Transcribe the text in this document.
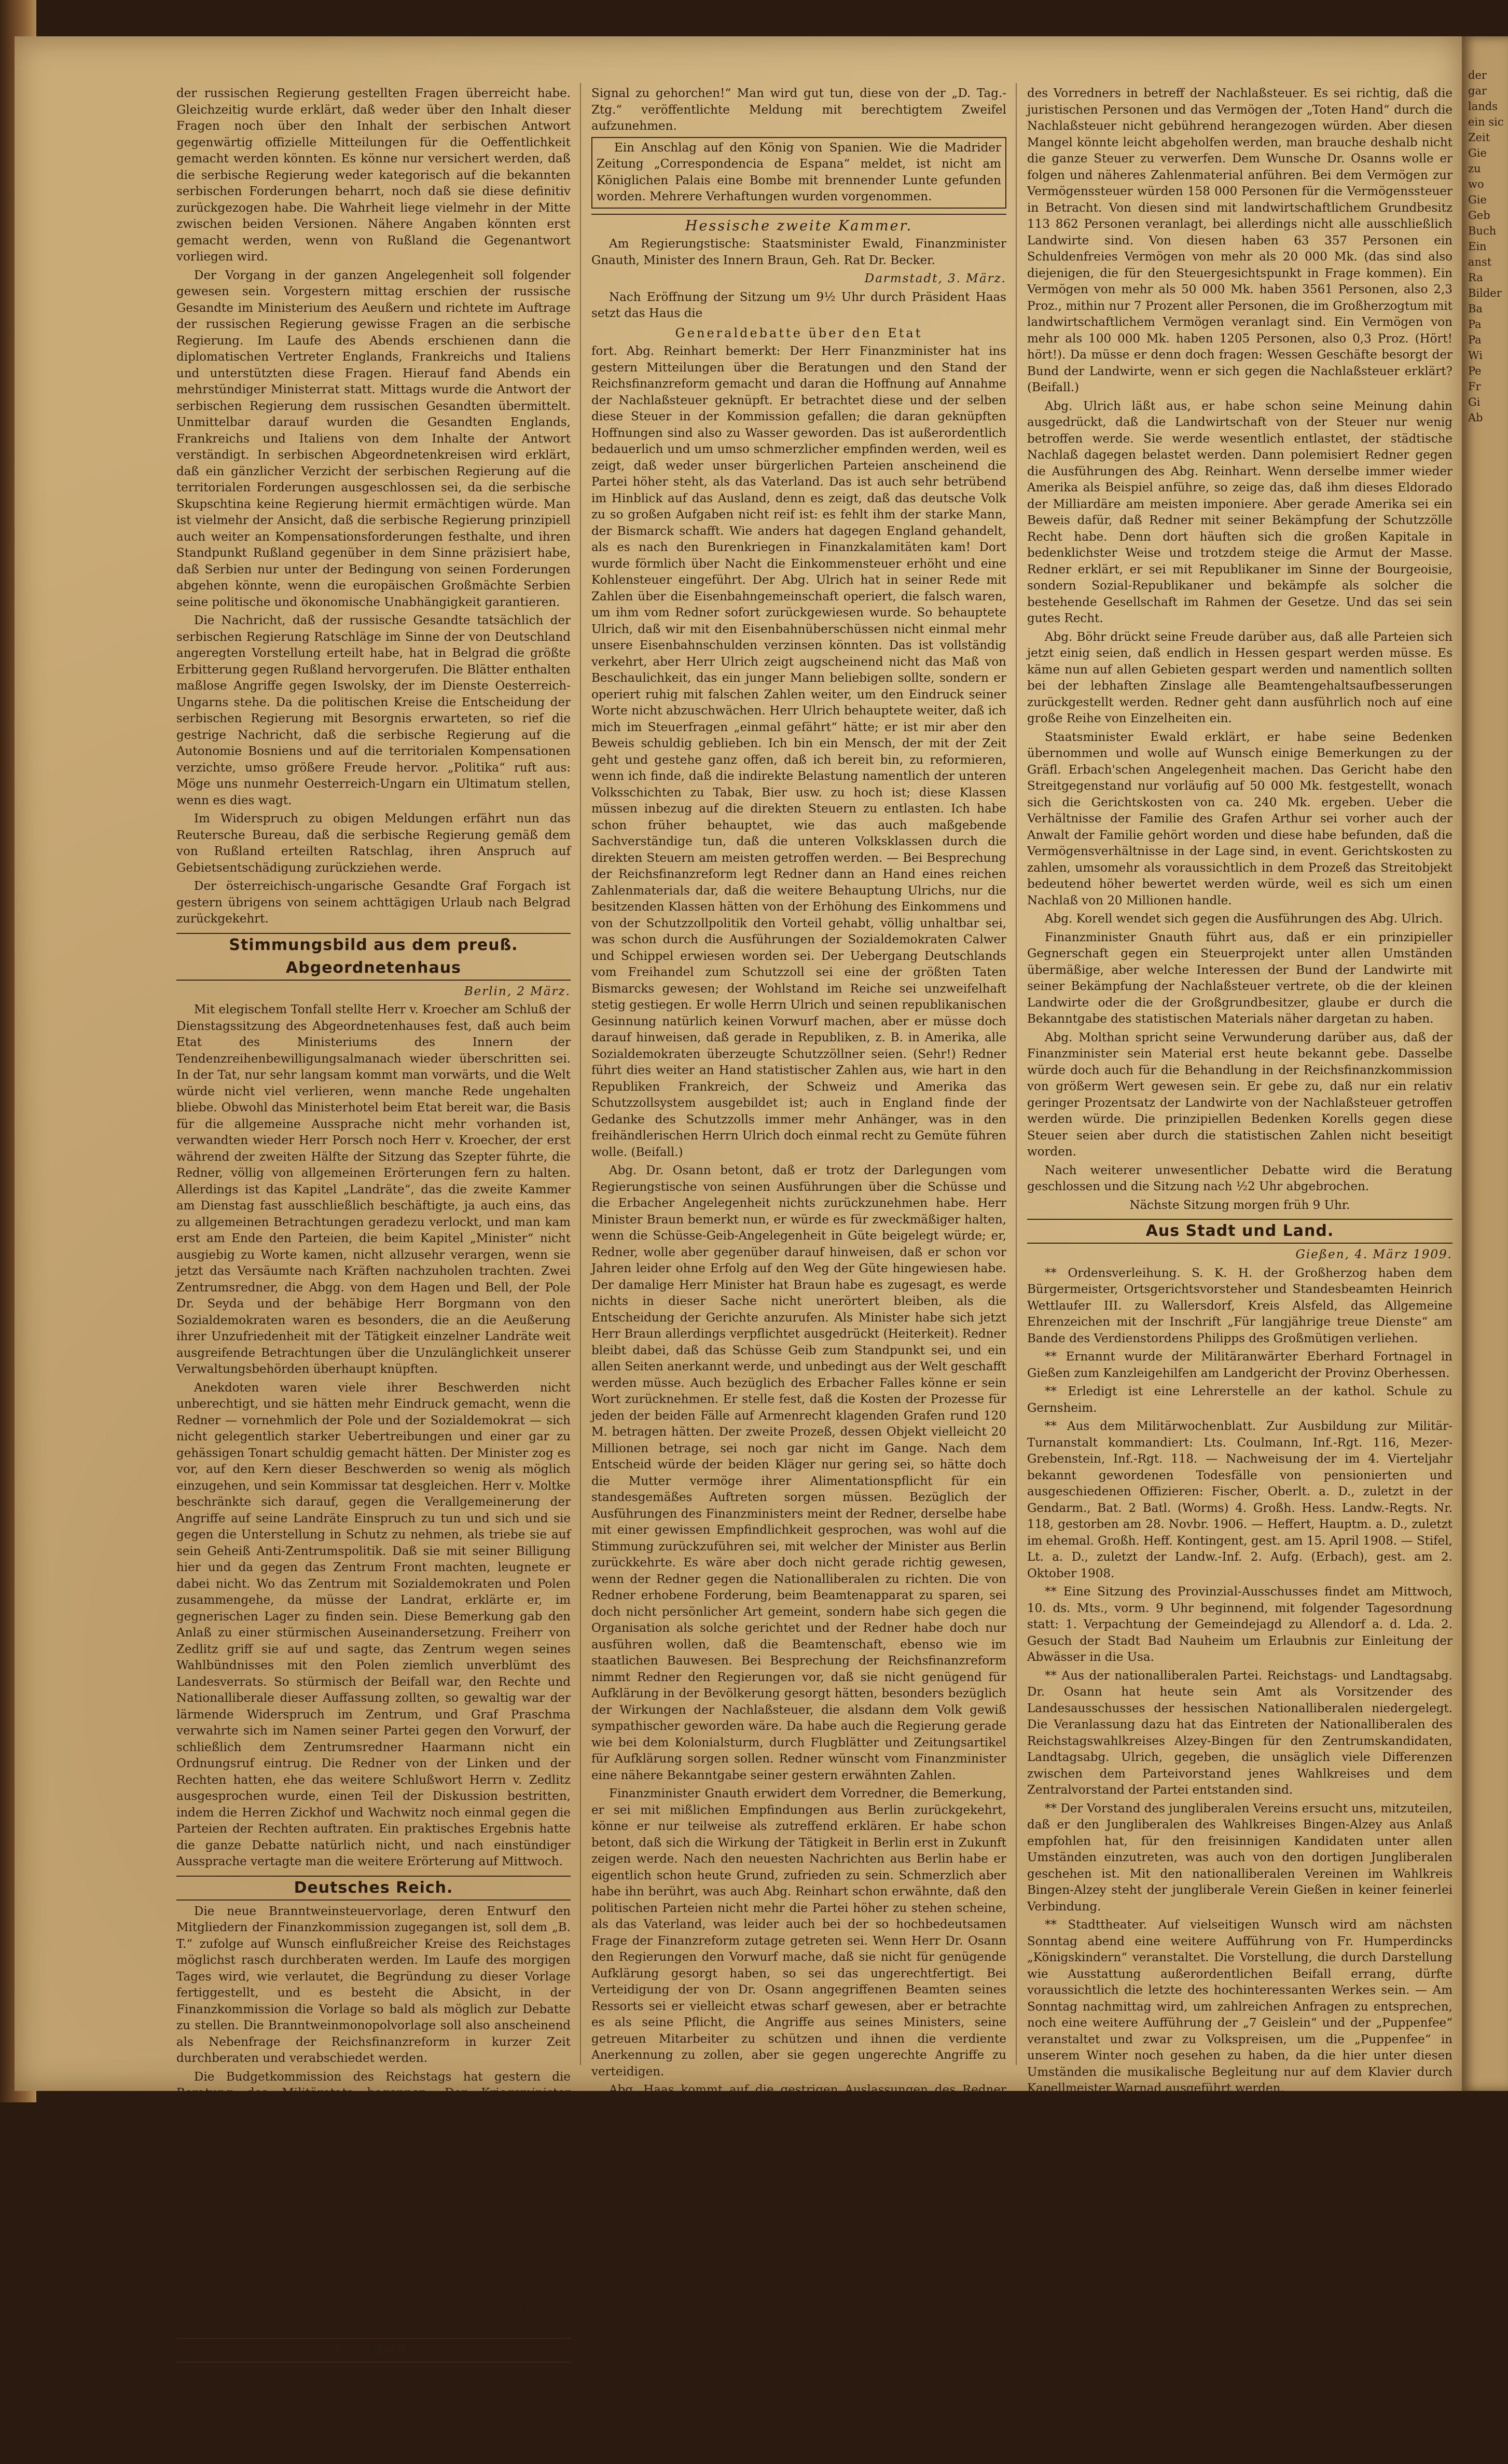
der russischen Regierung gestellten Fragen überreicht habe. Gleichzeitig wurde erklärt, daß weder über den Inhalt dieser Fragen noch über den Inhalt der serbischen Antwort gegenwärtig offizielle Mitteilungen für die Oeffentlichkeit gemacht werden könnten. Es könne nur versichert werden, daß die serbische Regierung weder kategorisch auf die bekannten serbischen Forderungen beharrt, noch daß sie diese definitiv zurückgezogen habe. Die Wahrheit liege vielmehr in der Mitte zwischen beiden Versionen. Nähere Angaben könnten erst gemacht werden, wenn von Rußland die Gegenantwort vorliegen wird.

Der Vorgang in der ganzen Angelegenheit soll folgender gewesen sein. Vorgestern mittag erschien der russische Gesandte im Ministerium des Aeußern und richtete im Auftrage der russischen Regierung gewisse Fragen an die serbische Regierung. Im Laufe des Abends erschienen dann die diplomatischen Vertreter Englands, Frankreichs und Italiens und unterstützten diese Fragen. Hierauf fand Abends ein mehrstündiger Ministerrat statt. Mittags wurde die Antwort der serbischen Regierung dem russischen Gesandten übermittelt. Unmittelbar darauf wurden die Gesandten Englands, Frankreichs und Italiens von dem Inhalte der Antwort verständigt. In serbischen Abgeordnetenkreisen wird erklärt, daß ein gänzlicher Verzicht der serbischen Regierung auf die territorialen Forderungen ausgeschlossen sei, da die serbische Skupschtina keine Regierung hiermit ermächtigen würde. Man ist vielmehr der Ansicht, daß die serbische Regierung prinzipiell auch weiter an Kompensationsforderungen festhalte, und ihren Standpunkt Rußland gegenüber in dem Sinne präzisiert habe, daß Serbien nur unter der Bedingung von seinen Forderungen abgehen könnte, wenn die europäischen Großmächte Serbien seine politische und ökonomische Unabhängigkeit garantieren.

Die Nachricht, daß der russische Gesandte tatsächlich der serbischen Regierung Ratschläge im Sinne der von Deutschland angeregten Vorstellung erteilt habe, hat in Belgrad die größte Erbitterung gegen Rußland hervorgerufen. Die Blätter enthalten maßlose Angriffe gegen Iswolsky, der im Dienste Oesterreich-Ungarns stehe. Da die politischen Kreise die Entscheidung der serbischen Regierung mit Besorgnis erwarteten, so rief die gestrige Nachricht, daß die serbische Regierung auf die Autonomie Bosniens und auf die territorialen Kompensationen verzichte, umso größere Freude hervor. „Politika“ ruft aus: Möge uns nunmehr Oesterreich-Ungarn ein Ultimatum stellen, wenn es dies wagt.

Im Widerspruch zu obigen Meldungen erfährt nun das Reutersche Bureau, daß die serbische Regierung gemäß dem von Rußland erteilten Ratschlag, ihren Anspruch auf Gebietsentschädigung zurückziehen werde.

Der österreichisch-ungarische Gesandte Graf Forgach ist gestern übrigens von seinem achttägigen Urlaub nach Belgrad zurückgekehrt.

Stimmungsbild aus dem preuß. Abgeordnetenhaus
Berlin, 2 März.

Mit elegischem Tonfall stellte Herr v. Kroecher am Schluß der Dienstagssitzung des Abgeordnetenhauses fest, daß auch beim Etat des Ministeriums des Innern der Tendenzreihenbewilligungsalmanach wieder überschritten sei. In der Tat, nur sehr langsam kommt man vorwärts, und die Welt würde nicht viel verlieren, wenn manche Rede ungehalten bliebe. Obwohl das Ministerhotel beim Etat bereit war, die Basis für die allgemeine Aussprache nicht mehr vorhanden ist, verwandten wieder Herr Porsch noch Herr v. Kroecher, der erst während der zweiten Hälfte der Sitzung das Szepter führte, die Redner, völlig von allgemeinen Erörterungen fern zu halten. Allerdings ist das Kapitel „Landräte“, das die zweite Kammer am Dienstag fast ausschließlich beschäftigte, ja auch eins, das zu allgemeinen Betrachtungen geradezu verlockt, und man kam erst am Ende den Parteien, die beim Kapitel „Minister“ nicht ausgiebig zu Worte kamen, nicht allzusehr verargen, wenn sie jetzt das Versäumte nach Kräften nachzuholen trachten. Zwei Zentrumsredner, die Abgg. von dem Hagen und Bell, der Pole Dr. Seyda und der behäbige Herr Borgmann von den Sozialdemokraten waren es besonders, die an die Aeußerung ihrer Unzufriedenheit mit der Tätigkeit einzelner Landräte weit ausgreifende Betrachtungen über die Unzulänglichkeit unserer Verwaltungsbehörden überhaupt knüpften.

Anekdoten waren viele ihrer Beschwerden nicht unberechtigt, und sie hätten mehr Eindruck gemacht, wenn die Redner — vornehmlich der Pole und der Sozialdemokrat — sich nicht gelegentlich starker Uebertreibungen und einer gar zu gehässigen Tonart schuldig gemacht hätten. Der Minister zog es vor, auf den Kern dieser Beschwerden so wenig als möglich einzugehen, und sein Kommissar tat desgleichen. Herr v. Moltke beschränkte sich darauf, gegen die Verallgemeinerung der Angriffe auf seine Landräte Einspruch zu tun und sich und sie gegen die Unterstellung in Schutz zu nehmen, als triebe sie auf sein Geheiß Anti-Zentrumspolitik. Daß sie mit seiner Billigung hier und da gegen das Zentrum Front machten, leugnete er dabei nicht. Wo das Zentrum mit Sozialdemokraten und Polen zusammengehe, da müsse der Landrat, erklärte er, im gegnerischen Lager zu finden sein. Diese Bemerkung gab den Anlaß zu einer stürmischen Auseinandersetzung. Freiherr von Zedlitz griff sie auf und sagte, das Zentrum wegen seines Wahlbündnisses mit den Polen ziemlich unverblümt des Landesverrats. So stürmisch der Beifall war, den Rechte und Nationalliberale dieser Auffassung zollten, so gewaltig war der lärmende Widerspruch im Zentrum, und Graf Praschma verwahrte sich im Namen seiner Partei gegen den Vorwurf, der schließlich dem Zentrumsredner Haarmann nicht ein Ordnungsruf eintrug. Die Redner von der Linken und der Rechten hatten, ehe das weitere Schlußwort Herrn v. Zedlitz ausgesprochen wurde, einen Teil der Diskussion bestritten, indem die Herren Zickhof und Wachwitz noch einmal gegen die Parteien der Rechten auftraten. Ein praktisches Ergebnis hatte die ganze Debatte natürlich nicht, und nach einstündiger Aussprache vertagte man die weitere Erörterung auf Mittwoch.

Deutsches Reich.

Die neue Branntweinsteuervorlage, deren Entwurf den Mitgliedern der Finanzkommission zugegangen ist, soll dem „B. T.“ zufolge auf Wunsch einflußreicher Kreise des Reichstages möglichst rasch durchberaten werden. Im Laufe des morgigen Tages wird, wie verlautet, die Begründung zu dieser Vorlage fertiggestellt, und es besteht die Absicht, in der Finanzkommission die Vorlage so bald als möglich zur Debatte zu stellen. Die Branntweinmonopolvorlage soll also anscheinend als Nebenfrage der Reichsfinanzreform in kurzer Zeit durchberaten und verabschiedet werden.

Die Budgetkommission des Reichstags hat gestern die Beratung des Militäretats begonnen. Der Kriegsminister erklärte sich bereit, im nächsten Jahre einen Gesetzentwurf zur Ordnung der Rations- und Stallservisfrage sowie des Verpflegungsgeldes vorzulegen. Er teilte ferner mit, die Automobile dürften nur zu dienstlichen Zwecken verwendet werden. Ein Automobil solle einschließlich Amortisation jährlich 6000 Mk. — Angenommen wurde eine Resolution auf eine anderweitige Regelung der Kontrolle der Naturalverpflegung. — Bei den sächlichen Ausgaben von 288 750 Mk. wird die veranlagte Mehrforderung von 25 000 Mk. analog dem Vorgehen der Kommission bei anderen Etats gestrichen.

Oldenburgischer Landtag. In seiner gestrigen Sitzung nahm der oldenburgische Landtag mit 27 gegen 16 Stimmen das neue Schulgesetz an, das die geistliche Schulaufsicht bleibt in abgeschwächter Form bestehen.

Ausland.

Ein angebliches Kaisertelegramm. Im Abelskasino in Budapest wird viel von einem angeblichen Telegramm gesprochen, das Kaiser Wilhelm an Kaiser Franz Josef gerichtet habe, und das folgenden Wortlaut haben soll: „Wollen sich Ew. Majestät darauf erinnern, daß die Rubelinstalt der deutschen Armee sind, und daß diese bereit ist, dem ersten

Signal zu gehorchen!“ Man wird gut tun, diese von der „D. Tag.-Ztg.“ veröffentlichte Meldung mit berechtigtem Zweifel aufzunehmen.

Ein Anschlag auf den König von Spanien. Wie die Madrider Zeitung „Correspondencia de Espana“ meldet, ist nicht am Königlichen Palais eine Bombe mit brennender Lunte gefunden worden. Mehrere Verhaftungen wurden vorgenommen.

Hessische zweite Kammer.

Am Regierungstische: Staatsminister Ewald, Finanzminister Gnauth, Minister des Innern Braun, Geh. Rat Dr. Becker.

Darmstadt, 3. März.

Nach Eröffnung der Sitzung um 9½ Uhr durch Präsident Haas setzt das Haus die

Generaldebatte über den Etat

fort. Abg. Reinhart bemerkt: Der Herr Finanzminister hat ins gestern Mitteilungen über die Beratungen und den Stand der Reichsfinanzreform gemacht und daran die Hoffnung auf Annahme der Nachlaßsteuer geknüpft. Er betrachtet diese und der selben diese Steuer in der Kommission gefallen; die daran geknüpften Hoffnungen sind also zu Wasser geworden. Das ist außerordentlich bedauerlich und um umso schmerzlicher empfinden werden, weil es zeigt, daß weder unser bürgerlichen Parteien anscheinend die Partei höher steht, als das Vaterland. Das ist auch sehr betrübend im Hinblick auf das Ausland, denn es zeigt, daß das deutsche Volk zu so großen Aufgaben nicht reif ist: es fehlt ihm der starke Mann, der Bismarck schafft. Wie anders hat dagegen England gehandelt, als es nach den Burenkriegen in Finanzkalamitäten kam! Dort wurde förmlich über Nacht die Einkommensteuer erhöht und eine Kohlensteuer eingeführt. Der Abg. Ulrich hat in seiner Rede mit Zahlen über die Eisenbahngemeinschaft operiert, die falsch waren, um ihm vom Redner sofort zurückgewiesen wurde. So behauptete Ulrich, daß wir mit den Eisenbahnüberschüssen nicht einmal mehr unsere Eisenbahnschulden verzinsen könnten. Das ist vollständig verkehrt, aber Herr Ulrich zeigt augscheinend nicht das Maß von Beschaulichkeit, das ein junger Mann beliebigen sollte, sondern er operiert ruhig mit falschen Zahlen weiter, um den Eindruck seiner Worte nicht abzuschwächen. Herr Ulrich behauptete weiter, daß ich mich im Steuerfragen „einmal gefährt“ hätte; er ist mir aber den Beweis schuldig geblieben. Ich bin ein Mensch, der mit der Zeit geht und gestehe ganz offen, daß ich bereit bin, zu reformieren, wenn ich finde, daß die indirekte Belastung namentlich der unteren Volksschichten zu Tabak, Bier usw. zu hoch ist; diese Klassen müssen inbezug auf die direkten Steuern zu entlasten. Ich habe schon früher behauptet, wie das auch maßgebende Sachverständige tun, daß die unteren Volksklassen durch die direkten Steuern am meisten getroffen werden. — Bei Besprechung der Reichsfinanzreform legt Redner dann an Hand eines reichen Zahlenmaterials dar, daß die weitere Behauptung Ulrichs, nur die besitzenden Klassen hätten von der Erhöhung des Einkommens und von der Schutzzollpolitik den Vorteil gehabt, völlig unhaltbar sei, was schon durch die Ausführungen der Sozialdemokraten Calwer und Schippel erwiesen worden sei. Der Uebergang Deutschlands vom Freihandel zum Schutzzoll sei eine der größten Taten Bismarcks gewesen; der Wohlstand im Reiche sei unzweifelhaft stetig gestiegen. Er wolle Herrn Ulrich und seinen republikanischen Gesinnung natürlich keinen Vorwurf machen, aber er müsse doch darauf hinweisen, daß gerade in Republiken, z. B. in Amerika, alle Sozialdemokraten überzeugte Schutzzöllner seien. (Sehr!) Redner führt dies weiter an Hand statistischer Zahlen aus, wie hart in den Republiken Frankreich, der Schweiz und Amerika das Schutzzollsystem ausgebildet ist; auch in England finde der Gedanke des Schutzzolls immer mehr Anhänger, was in den freihändlerischen Herrn Ulrich doch einmal recht zu Gemüte führen wolle. (Beifall.)

Abg. Dr. Osann betont, daß er trotz der Darlegungen vom Regierungstische von seinen Ausführungen über die Schüsse und die Erbacher Angelegenheit nichts zurückzunehmen habe. Herr Minister Braun bemerkt nun, er würde es für zweckmäßiger halten, wenn die Schüsse-Geib-Angelegenheit in Güte beigelegt würde; er, Redner, wolle aber gegenüber darauf hinweisen, daß er schon vor Jahren leider ohne Erfolg auf den Weg der Güte hingewiesen habe. Der damalige Herr Minister hat Braun habe es zugesagt, es werde nichts in dieser Sache nicht unerörtert bleiben, als die Entscheidung der Gerichte anzurufen. Als Minister habe sich jetzt Herr Braun allerdings verpflichtet ausgedrückt (Heiterkeit). Redner bleibt dabei, daß das Schüsse Geib zum Standpunkt sei, und ein allen Seiten anerkannt werde, und unbedingt aus der Welt geschafft werden müsse. Auch bezüglich des Erbacher Falles könne er sein Wort zurücknehmen. Er stelle fest, daß die Kosten der Prozesse für jeden der beiden Fälle auf Armenrecht klagenden Grafen rund 120 M. betragen hätten. Der zweite Prozeß, dessen Objekt vielleicht 20 Millionen betrage, sei noch gar nicht im Gange. Nach dem Entscheid würde der beiden Kläger nur gering sei, so hätte doch die Mutter vermöge ihrer Alimentationspflicht für ein standesgemäßes Auftreten sorgen müssen. Bezüglich der Ausführungen des Finanzministers meint der Redner, derselbe habe mit einer gewissen Empfindlichkeit gesprochen, was wohl auf die Stimmung zurückzuführen sei, mit welcher der Minister aus Berlin zurückkehrte. Es wäre aber doch nicht gerade richtig gewesen, wenn der Redner gegen die Nationalliberalen zu richten. Die von Redner erhobene Forderung, beim Beamtenapparat zu sparen, sei doch nicht persönlicher Art gemeint, sondern habe sich gegen die Organisation als solche gerichtet und der Redner habe doch nur ausführen wollen, daß die Beamtenschaft, ebenso wie im staatlichen Bauwesen. Bei Besprechung der Reichsfinanzreform nimmt Redner den Regierungen vor, daß sie nicht genügend für Aufklärung in der Bevölkerung gesorgt hätten, besonders bezüglich der Wirkungen der Nachlaßsteuer, die alsdann dem Volk gewiß sympathischer geworden wäre. Da habe auch die Regierung gerade wie bei dem Kolonialsturm, durch Flugblätter und Zeitungsartikel für Aufklärung sorgen sollen. Redner wünscht vom Finanzminister eine nähere Bekanntgabe seiner gestern erwähnten Zahlen.

Finanzminister Gnauth erwidert dem Vorredner, die Bemerkung, er sei mit mißlichen Empfindungen aus Berlin zurückgekehrt, könne er nur teilweise als zutreffend erklären. Er habe schon betont, daß sich die Wirkung der Tätigkeit in Berlin erst in Zukunft zeigen werde. Nach den neuesten Nachrichten aus Berlin habe er eigentlich schon heute Grund, zufrieden zu sein. Schmerzlich aber habe ihn berührt, was auch Abg. Reinhart schon erwähnte, daß den politischen Parteien nicht mehr die Partei höher zu stehen scheine, als das Vaterland, was leider auch bei der so hochbedeutsamen Frage der Finanzreform zutage getreten sei. Wenn Herr Dr. Osann den Regierungen den Vorwurf mache, daß sie nicht für genügende Aufklärung gesorgt haben, so sei das ungerechtfertigt. Bei Verteidigung der von Dr. Osann angegriffenen Beamten seines Ressorts sei er vielleicht etwas scharf gewesen, aber er betrachte es als seine Pflicht, die Angriffe aus seines Ministers, seine getreuen Mitarbeiter zu schützen und ihnen die verdiente Anerkennung zu zollen, aber sie gegen ungerechte Angriffe zu verteidigen.

Abg. Haas kommt auf die gestrigen Auslassungen des Redner über das sog. „Abjägen von Ministern“ zurück und bemerkt, es sei erfreulich und dankenswert, daß diesmal der Minister durch seinen frischen Humor eine angenehme Abwechslung in die oft monotonen Verhandlungen hineinbringe. Er spreche aber doch ernstlich die Hoffnung aus, daß die jetzigen drei Minister dem Lande recht lange erhalten bleiben werden. (Beifall.) Es sei wohl niemand im Hause, der die Absägung des einen oder anderen Ministers wünsche. Ueber die Vorschläge zur Vereinfachung der Verwaltung und größerer Sparsamkeit ist berechtigt werde zu gelegener Zeit verhandelt werden müssen. Nach seiner Meinung sei im gegenwärtigen Rahmen der Verwaltung die Selbständigkeit der einzelnen Verwaltungsbehörden genügend gewahrt. Es gibt aber viele Beamte, die ihre Verantwortung möglichst dadurch abzuwälzen suchen, daß sie alle Entscheidungen vor das Ministerium bringen. Redner führt hierin aus einen früheren Tätigkeit ein Beispiel an. Redner spricht dann über den Nachlaßsteuer bei Redner verschiedene Bedenken. Ebenso gegen die vom Abg. Ulrich bei der Verwaltung, die nach seiner Meinung

Finanzminister Gnauth wendet sich gegen die Ausführungen

des Vorredners in betreff der Nachlaßsteuer. Es sei richtig, daß die juristischen Personen und das Vermögen der „Toten Hand“ durch die Nachlaßsteuer nicht gebührend herangezogen würden. Aber diesen Mangel könnte leicht abgeholfen werden, man brauche deshalb nicht die ganze Steuer zu verwerfen. Dem Wunsche Dr. Osanns wolle er folgen und näheres Zahlenmaterial anführen. Bei dem Vermögen zur Vermögenssteuer würden 158 000 Personen für die Vermögenssteuer in Betracht. Von diesen sind mit landwirtschaftlichem Grundbesitz 113 862 Personen veranlagt, bei allerdings nicht alle ausschließlich Landwirte sind. Von diesen haben 63 357 Personen ein Schuldenfreies Vermögen von mehr als 20 000 Mk. (das sind also diejenigen, die für den Steuergesichtspunkt in Frage kommen). Ein Vermögen von mehr als 50 000 Mk. haben 3561 Personen, also 2,3 Proz., mithin nur 7 Prozent aller Personen, die im Großherzogtum mit landwirtschaftlichem Vermögen veranlagt sind. Ein Vermögen von mehr als 100 000 Mk. haben 1205 Personen, also 0,3 Proz. (Hört! hört!). Da müsse er denn doch fragen: Wessen Geschäfte besorgt der Bund der Landwirte, wenn er sich gegen die Nachlaßsteuer erklärt? (Beifall.)

Abg. Ulrich läßt aus, er habe schon seine Meinung dahin ausgedrückt, daß die Landwirtschaft von der Steuer nur wenig betroffen werde. Sie werde wesentlich entlastet, der städtische Nachlaß dagegen belastet werden. Dann polemisiert Redner gegen die Ausführungen des Abg. Reinhart. Wenn derselbe immer wieder Amerika als Beispiel anführe, so zeige das, daß ihm dieses Eldorado der Milliardäre am meisten imponiere. Aber gerade Amerika sei ein Beweis dafür, daß Redner mit seiner Bekämpfung der Schutzzölle Recht habe. Denn dort häuften sich die großen Kapitale in bedenklichster Weise und trotzdem steige die Armut der Masse. Redner erklärt, er sei mit Republikaner im Sinne der Bourgeoisie, sondern Sozial-Republikaner und bekämpfe als solcher die bestehende Gesellschaft im Rahmen der Gesetze. Und das sei sein gutes Recht.

Abg. Böhr drückt seine Freude darüber aus, daß alle Parteien sich jetzt einig seien, daß endlich in Hessen gespart werden müsse. Es käme nun auf allen Gebieten gespart werden und namentlich sollten bei der lebhaften Zinslage alle Beamtengehaltsaufbesserungen zurückgestellt werden. Redner geht dann ausführlich noch auf eine große Reihe von Einzelheiten ein.

Staatsminister Ewald erklärt, er habe seine Bedenken übernommen und wolle auf Wunsch einige Bemerkungen zu der Gräfl. Erbach'schen Angelegenheit machen. Das Gericht habe den Streitgegenstand nur vorläufig auf 50 000 Mk. festgestellt, wonach sich die Gerichtskosten von ca. 240 Mk. ergeben. Ueber die Verhältnisse der Familie des Grafen Arthur sei vorher auch der Anwalt der Familie gehört worden und diese habe befunden, daß die Vermögensverhältnisse in der Lage sind, in event. Gerichtskosten zu zahlen, umsomehr als voraussichtlich in dem Prozeß das Streitobjekt bedeutend höher bewertet werden würde, weil es sich um einen Nachlaß von 20 Millionen handle.

Abg. Korell wendet sich gegen die Ausführungen des Abg. Ulrich.

Finanzminister Gnauth führt aus, daß er ein prinzipieller Gegnerschaft gegen ein Steuerprojekt unter allen Umständen übermäßige, aber welche Interessen der Bund der Landwirte mit seiner Bekämpfung der Nachlaßsteuer vertrete, ob die der kleinen Landwirte oder die der Großgrundbesitzer, glaube er durch die Bekanntgabe des statistischen Materials näher dargetan zu haben.

Abg. Molthan spricht seine Verwunderung darüber aus, daß der Finanzminister sein Material erst heute bekannt gebe. Dasselbe würde doch auch für die Behandlung in der Reichsfinanzkommission von größerm Wert gewesen sein. Er gebe zu, daß nur ein relativ geringer Prozentsatz der Landwirte von der Nachlaßsteuer getroffen werden würde. Die prinzipiellen Bedenken Korells gegen diese Steuer seien aber durch die statistischen Zahlen nicht beseitigt worden.

Nach weiterer unwesentlicher Debatte wird die Beratung geschlossen und die Sitzung nach ½2 Uhr abgebrochen.

Nächste Sitzung morgen früh 9 Uhr.

Aus Stadt und Land.
Gießen, 4. März 1909.

** Ordensverleihung. S. K. H. der Großherzog haben dem Bürgermeister, Ortsgerichtsvorsteher und Standesbeamten Heinrich Wettlaufer III. zu Wallersdorf, Kreis Alsfeld, das Allgemeine Ehrenzeichen mit der Inschrift „Für langjährige treue Dienste“ am Bande des Verdienstordens Philipps des Großmütigen verliehen.

** Ernannt wurde der Militäranwärter Eberhard Fortnagel in Gießen zum Kanzleigehilfen am Landgericht der Provinz Oberhessen.

** Erledigt ist eine Lehrerstelle an der kathol. Schule zu Gernsheim.

** Aus dem Militärwochenblatt. Zur Ausbildung zur Militär-Turnanstalt kommandiert: Lts. Coulmann, Inf.-Rgt. 116, Mezer-Grebenstein, Inf.-Rgt. 118. — Nachweisung der im 4. Vierteljahr bekannt gewordenen Todesfälle von pensionierten und ausgeschiedenen Offizieren: Fischer, Oberlt. a. D., zuletzt in der Gendarm., Bat. 2 Batl. (Worms) 4. Großh. Hess. Landw.-Regts. Nr. 118, gestorben am 28. Novbr. 1906. — Heffert, Hauptm. a. D., zuletzt im ehemal. Großh. Heff. Kontingent, gest. am 15. April 1908. — Stifel, Lt. a. D., zuletzt der Landw.-Inf. 2. Aufg. (Erbach), gest. am 2. Oktober 1908.

** Eine Sitzung des Provinzial-Ausschusses findet am Mittwoch, 10. ds. Mts., vorm. 9 Uhr beginnend, mit folgender Tagesordnung statt: 1. Verpachtung der Gemeindejagd zu Allendorf a. d. Lda. 2. Gesuch der Stadt Bad Nauheim um Erlaubnis zur Einleitung der Abwässer in die Usa.

** Aus der nationalliberalen Partei. Reichstags- und Landtagsabg. Dr. Osann hat heute sein Amt als Vorsitzender des Landesausschusses der hessischen Nationalliberalen niedergelegt. Die Veranlassung dazu hat das Eintreten der Nationalliberalen des Reichstagswahlkreises Alzey-Bingen für den Zentrumskandidaten, Landtagsabg. Ulrich, gegeben, die unsäglich viele Differenzen zwischen dem Parteivorstand jenes Wahlkreises und dem Zentralvorstand der Partei entstanden sind.

** Der Vorstand des jungliberalen Vereins ersucht uns, mitzuteilen, daß er den Jungliberalen des Wahlkreises Bingen-Alzey aus Anlaß empfohlen hat, für den freisinnigen Kandidaten unter allen Umständen einzutreten, was auch von den dortigen Jungliberalen geschehen ist. Mit den nationalliberalen Vereinen im Wahlkreis Bingen-Alzey steht der jungliberale Verein Gießen in keiner feinerlei Verbindung.

** Stadttheater. Auf vielseitigen Wunsch wird am nächsten Sonntag abend eine weitere Aufführung von Fr. Humperdincks „Königskindern“ veranstaltet. Die Vorstellung, die durch Darstellung wie Ausstattung außerordentlichen Beifall errang, dürfte voraussichtlich die letzte des hochinteressanten Werkes sein. — Am Sonntag nachmittag wird, um zahlreichen Anfragen zu entsprechen, noch eine weitere Aufführung der „7 Geislein“ und der „Puppenfee“ veranstaltet und zwar zu Volkspreisen, um die „Puppenfee“ in unserem Winter noch gesehen zu haben, da die hier unter diesen Umständen die musikalische Begleitung nur auf dem Klavier durch Kapellmeister Warnad ausgeführt werden.

** Wohl das letzte Karnevalistische Vergnügen dieser Saison veranstaltet am nächsten Samstag abend der Orchesterverein in Gestalt eines Kostümfestes in der Turnhalle. Musik und Humor, die beide in dem rührigen Verein gut vertreten sind, bilden die Grundlagen

der gar
lands
ein sic
Zeit
Gie
zu
wo
Gie
Geb
Buch
Ein
anst
Ra
Bilder
Ba
Pa
Pa
Wi
Pe
Fr
Gi
Ab
